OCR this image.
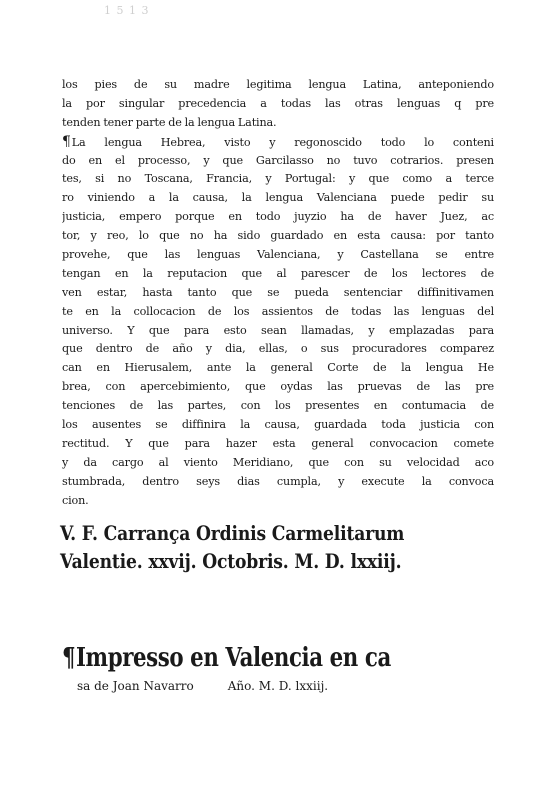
1 5 1 3
los pies de su madre legitima lengua Latina, anteponiendo
la por singular precedencia a todas las otras lenguas q pre
tenden tener parte de la lengua Latina.
¶La lengua Hebrea, visto y regonoscido todo lo conteni
do en el processo, y que Garcilasso no tuvo cotrarios. presen
tes, si no Toscana, Francia, y Portugal: y que como a terce
ro viniendo a la causa, la lengua Valenciana puede pedir su
justicia, empero porque en todo juyzio ha de haver Juez, ac
tor, y reo, lo que no ha sido guardado en esta causa: por tanto
provehe, que las lenguas Valenciana, y Castellana se entre
tengan en la reputacion que al parescer de los lectores de
ven estar, hasta tanto que se pueda sentenciar diffinitivamen
te en la collocacion de los assientos de todas las lenguas del
universo. Y que para esto sean llamadas, y emplazadas para
que dentro de año y dia, ellas, o sus procuradores comparez
can en Hierusalem, ante la general Corte de la lengua He
brea, con apercebimiento, que oydas las pruevas de las pre
tenciones de las partes, con los presentes en contumacia de
los ausentes se diffinira la causa, guardada toda justicia con
rectitud. Y que para hazer esta general convocacion comete
y da cargo al viento Meridiano, que con su velocidad aco
stumbrada, dentro seys dias cumpla, y execute la convoca
cion.
V. F. Carrança Ordinis Carmelitarum
Valentie. xxvij. Octobris. M. D. lxxiij.
¶Impresso en Valencia en ca
sa de Joan Navarro	Año. M. D. lxxiij.
